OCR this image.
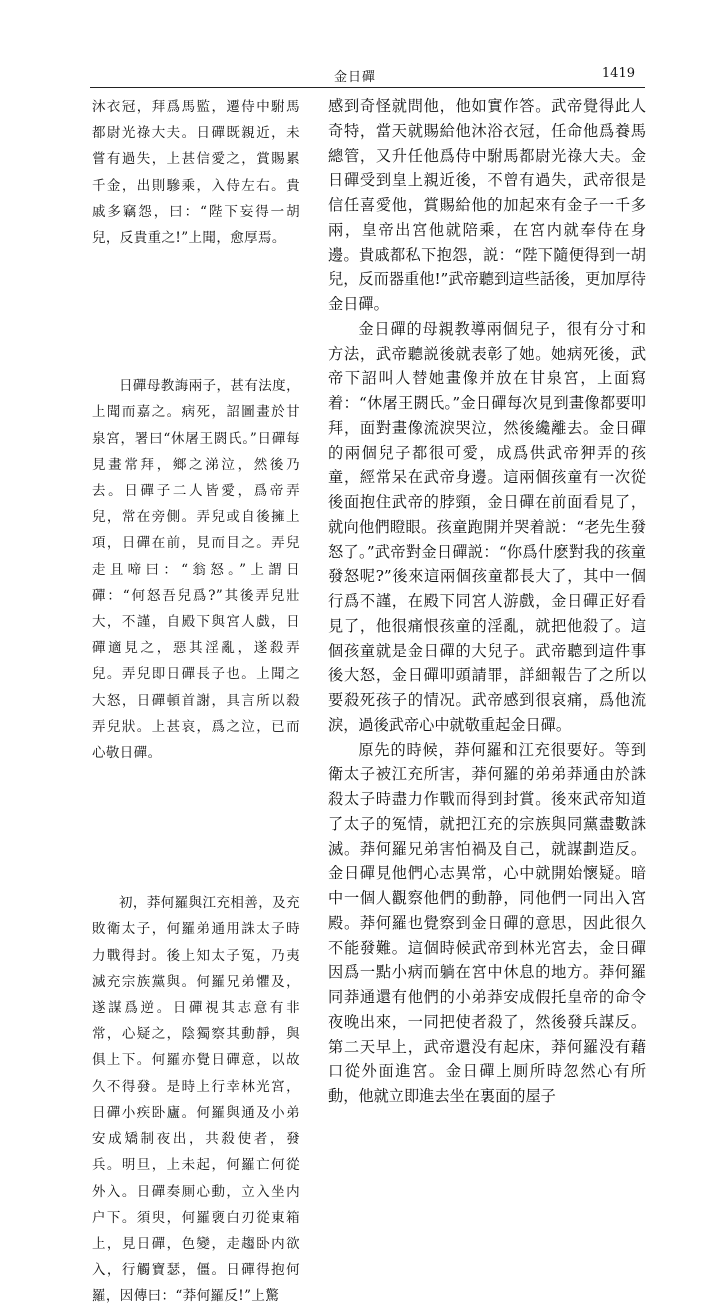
金日磾	1419

沐衣冠，拜爲馬監，遷侍中駙馬都尉光祿大夫。日磾既親近，未嘗有過失，上甚信愛之，賞賜累千金，出則驂乘，入侍左右。貴戚多竊怨，曰：“陛下妄得一胡兒，反貴重之!”上聞，愈厚焉。

日磾母教誨兩子，甚有法度，上聞而嘉之。病死，詔圖畫於甘泉宮，署曰“休屠王閼氏。”日磾每見畫常拜，鄉之涕泣，然後乃去。日磾子二人皆愛，爲帝弄兒，常在旁側。弄兒或自後擁上項，日磾在前，見而目之。弄兒走且啼曰：“翁怒。”上謂日磾：“何怒吾兒爲?”其後弄兒壯大，不謹，自殿下與宮人戲，日磾適見之，惡其淫亂，遂殺弄兒。弄兒即日磾長子也。上聞之大怒，日磾頓首謝，具言所以殺弄兒狀。上甚哀，爲之泣，已而心敬日磾。

初，莽何羅與江充相善，及充敗衛太子，何羅弟通用誅太子時力戰得封。後上知太子冤，乃夷滅充宗族黨與。何羅兄弟懼及，遂謀爲逆。日磾視其志意有非常，心疑之，陰獨察其動靜，與俱上下。何羅亦覺日磾意，以故久不得發。是時上行幸林光宮，日磾小疾卧廬。何羅與通及小弟安成矯制夜出，共殺使者，發兵。明旦，上未起，何羅亡何從外入。日磾奏厠心動，立入坐内户下。須臾，何羅褏白刃從東箱上，見日磾，色變，走趨卧内欲入，行觸寶瑟，僵。日磾得抱何羅，因傳曰：“莽何羅反!”上驚

感到奇怪就問他，他如實作答。武帝覺得此人奇特，當天就賜給他沐浴衣冠，任命他爲養馬總管，又升任他爲侍中駙馬都尉光祿大夫。金日磾受到皇上親近後，不曾有過失，武帝很是信任喜愛他，賞賜給他的加起來有金子一千多兩，皇帝出宮他就陪乘，在宮内就奉侍在身邊。貴戚都私下抱怨，説：“陛下隨便得到一胡兒，反而器重他!”武帝聽到這些話後，更加厚待金日磾。

金日磾的母親教導兩個兒子，很有分寸和方法，武帝聽説後就表彰了她。她病死後，武帝下詔叫人替她畫像并放在甘泉宮，上面寫着：“休屠王閼氏。”金日磾每次見到畫像都要叩拜，面對畫像流淚哭泣，然後纔離去。金日磾的兩個兒子都很可愛，成爲供武帝狎弄的孩童，經常呆在武帝身邊。這兩個孩童有一次從後面抱住武帝的脖頸，金日磾在前面看見了，就向他們瞪眼。孩童跑開并哭着説：“老先生發怒了。”武帝對金日磾説：“你爲什麽對我的孩童發怒呢?”後來這兩個孩童都長大了，其中一個行爲不謹，在殿下同宮人游戲，金日磾正好看見了，他很痛恨孩童的淫亂，就把他殺了。這個孩童就是金日磾的大兒子。武帝聽到這件事後大怒，金日磾叩頭請罪，詳細報告了之所以要殺死孩子的情况。武帝感到很哀痛，爲他流淚，過後武帝心中就敬重起金日磾。

原先的時候，莽何羅和江充很要好。等到衛太子被江充所害，莽何羅的弟弟莽通由於誅殺太子時盡力作戰而得到封賞。後來武帝知道了太子的冤情，就把江充的宗族與同黨盡數誅滅。莽何羅兄弟害怕禍及自己，就謀劃造反。金日磾見他們心志異常，心中就開始懷疑。暗中一個人觀察他們的動静，同他們一同出入宮殿。莽何羅也覺察到金日磾的意思，因此很久不能發難。這個時候武帝到林光宮去，金日磾因爲一點小病而躺在宮中休息的地方。莽何羅同莽通還有他們的小弟莽安成假托皇帝的命令夜晚出來，一同把使者殺了，然後發兵謀反。第二天早上，武帝還没有起床，莽何羅没有藉口從外面進宮。金日磾上厠所時忽然心有所動，他就立即進去坐在裏面的屋子
